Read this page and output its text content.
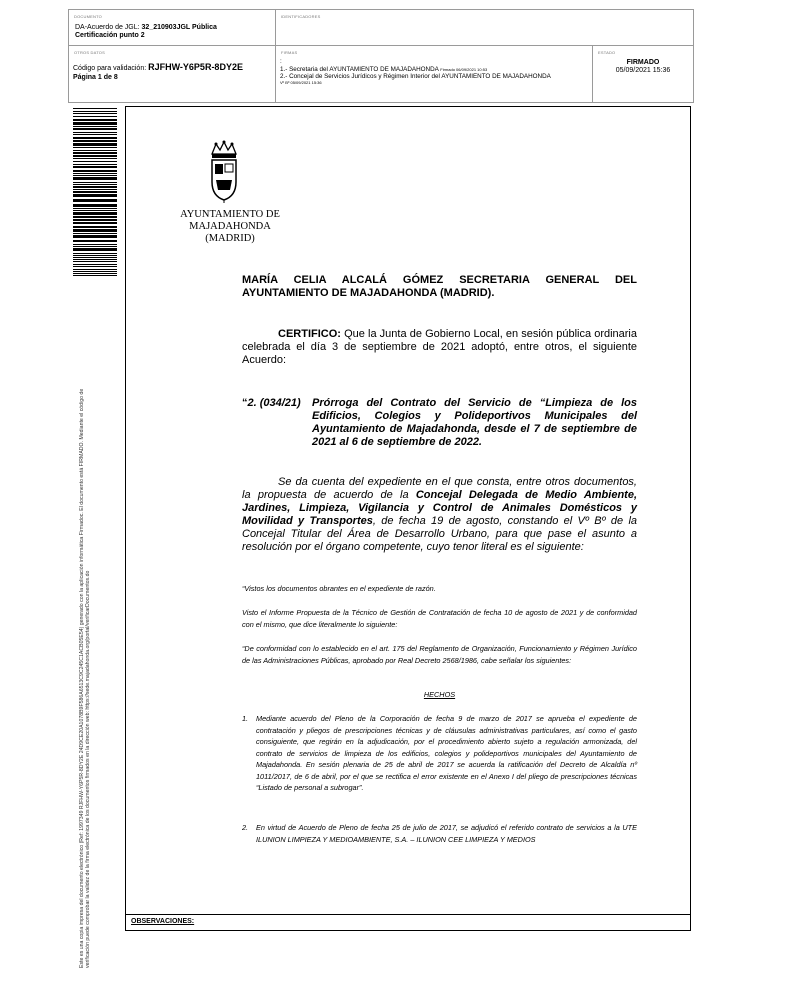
DOCUMENTO
DA-Acuerdo de JGL: 32_210903JGL Pública
Certificación punto 2
IDENTIFICADORES
OTROS DATOS
Código para validación: RJFHW-Y6P5R-8DY2E
Página 1 de 8
FIRMAS
:
1.- Secretaria del AYUNTAMIENTO DE MAJADAHONDA Firmado 06/09/2021 10:53
2.- Concejal de Servicios Jurídicos y Régimen Interior del AYUNTAMIENTO DE MAJADAHONDA
$^{Vº Bº 05/09/2021 15:36}$
ESTADO
FIRMADO
05/09/2021 15:36
Este es una copia impresa del documento electrónico (Ref: 1997349 RJFHW-Y6P5R-8DY2E 24D9CE20A1078B9F586A6513C9C245C1ACB05E54) generado con la aplicación informática Firmadoc. El documento está FIRMADO. Mediante el código de verificación puede comprobar la validez de la firma electrónica de los documentos firmados en la dirección web: https://sede.majadahonda.org/portal/verificarDocumentos.do	OBSERVACIONES:
AYUNTAMIENTO DE
MAJADAHONDA
(MADRID)
MARÍA CELIA ALCALÁ GÓMEZ SECRETARIA GENERAL DEL AYUNTAMIENTO DE MAJADAHONDA (MADRID).
CERTIFICO: Que la Junta de Gobierno Local, en sesión pública ordinaria celebrada el día 3 de septiembre de 2021 adoptó, entre otros, el siguiente Acuerdo:
“2. (034/21)	Prórroga del Contrato del Servicio de “Limpieza de los Edificios, Colegios y Polideportivos Municipales del Ayuntamiento de Majadahonda, desde el 7 de septiembre de 2021 al 6 de septiembre de 2022.
Se da cuenta del expediente en el que consta, entre otros documentos, la propuesta de acuerdo de la Concejal Delegada de Medio Ambiente, Jardines, Limpieza, Vigilancia y Control de Animales Domésticos y Movilidad y Transportes, de fecha 19 de agosto, constando el Vº Bº de la Concejal Titular del Área de Desarrollo Urbano, para que pase el asunto a resolución por el órgano competente, cuyo tenor literal es el siguiente:
“Vistos los documentos obrantes en el expediente de razón.
Visto el Informe Propuesta de la Técnico de Gestión de Contratación de fecha 10 de agosto de 2021 y de conformidad con el mismo, que dice literalmente lo siguiente:
“De conformidad con lo establecido en el art. 175 del Reglamento de Organización, Funcionamiento y Régimen Jurídico de las Administraciones Públicas, aprobado por Real Decreto 2568/1986, cabe señalar los siguientes:
HECHOS
1.	Mediante acuerdo del Pleno de la Corporación de fecha 9 de marzo de 2017 se aprueba el expediente de contratación y pliegos de prescripciones técnicas y de cláusulas administrativas particulares, así como el gasto consiguiente, que regirán en la adjudicación, por el procedimiento abierto sujeto a regulación armonizada, del contrato de servicios de limpieza de los edificios, colegios y polideportivos municipales del Ayuntamiento de Majadahonda. En sesión plenaria de 25 de abril de 2017 se acuerda la ratificación del Decreto de Alcaldía nº 1011/2017, de 6 de abril, por el que se rectifica el error existente en el Anexo I del pliego de prescripciones técnicas “Listado de personal a subrogar”.
2.	En virtud de Acuerdo de Pleno de fecha 25 de julio de 2017, se adjudicó el referido contrato de servicios a la UTE ILUNION LIMPIEZA Y MEDIOAMBIENTE, S.A. – ILUNION CEE LIMPIEZA Y MEDIOS
